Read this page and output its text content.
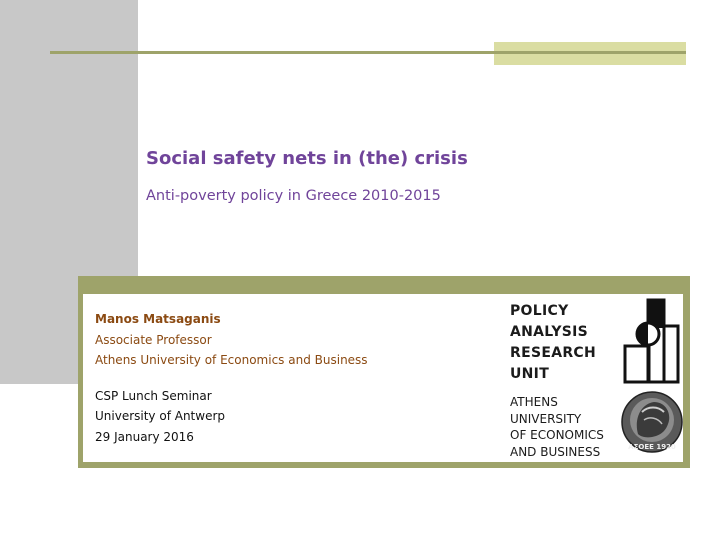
Social safety nets in (the) crisis
Anti-poverty policy in Greece 2010-2015
Manos Matsaganis
Associate Professor
Athens University of Economics and Business
CSP Lunch Seminar
University of Antwerp
29 January 2016
POLICY
ANALYSIS
RESEARCH
UNIT
ATHENS
UNIVERSITY
OF ECONOMICS
AND BUSINESS	ΑΣΟΕΕ 1920
